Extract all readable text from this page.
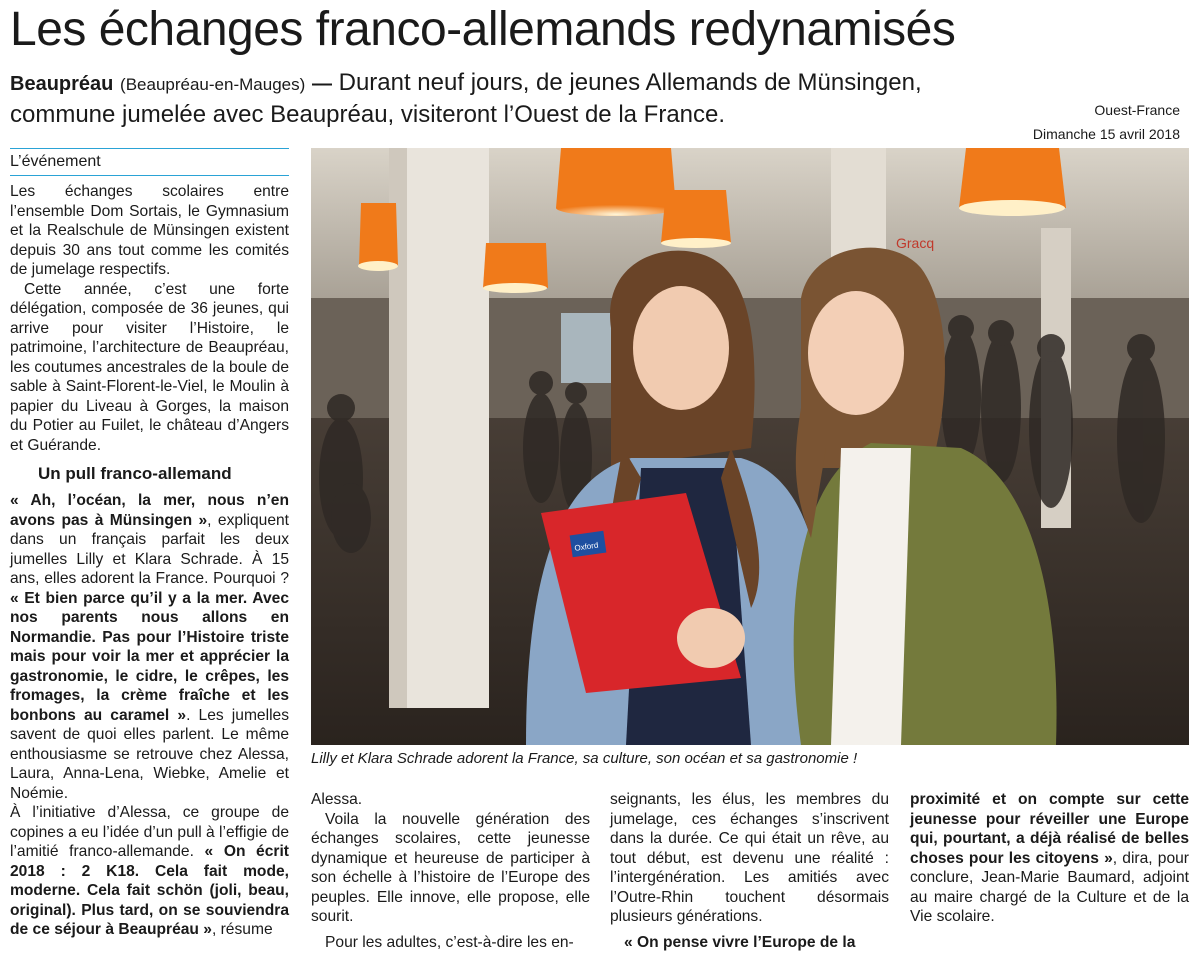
Les échanges franco-allemands redynamisés

Beaupréau (Beaupréau-en-Mauges) — Durant neuf jours, de jeunes Allemands de Münsingen, commune jumelée avec Beaupréau, visiteront l’Ouest de la France.	Ouest-France
Dimanche 15 avril 2018
L’événement

Les échanges scolaires entre l’ensemble Dom Sortais, le Gymnasium et la Realschule de Münsingen existent depuis 30 ans tout comme les comités de jumelage respectifs.

Cette année, c’est une forte délégation, composée de 36 jeunes, qui arrive pour visiter l’Histoire, le patrimoine, l’architecture de Beaupréau, les coutumes ancestrales de la boule de sable à Saint-Florent-le-Viel, le Moulin à papier du Liveau à Gorges, la maison du Potier au Fuilet, le château d’Angers et Guérande.

Un pull franco-allemand

« Ah, l’océan, la mer, nous n’en avons pas à Münsingen », expliquent dans un français parfait les deux jumelles Lilly et Klara Schrade. À 15 ans, elles adorent la France. Pourquoi ? « Et bien parce qu’il y a la mer. Avec nos parents nous allons en Normandie. Pas pour l’Histoire triste mais pour voir la mer et apprécier la gastronomie, le cidre, le crêpes, les fromages, la crème fraîche et les bonbons au caramel ». Les jumelles savent de quoi elles parlent. Le même enthousiasme se retrouve chez Alessa, Laura, Anna-Lena, Wiebke, Amelie et Noémie.

À l’initiative d’Alessa, ce groupe de copines a eu l’idée d’un pull à l’effigie de l’amitié franco-allemande. « On écrit 2018 : 2 K18. Cela fait mode, moderne. Cela fait schön (joli, beau, original). Plus tard, on se souviendra de ce séjour à Beaupréau », résume

Gracq
Oxford
Lilly et Klara Schrade adorent la France, sa culture, son océan et sa gastronomie !

Alessa.

Voila la nouvelle génération des échanges scolaires, cette jeunesse dynamique et heureuse de participer à son échelle à l’histoire de l’Europe des peuples. Elle innove, elle propose, elle sourit.

Pour les adultes, c’est-à-dire les en-

seignants, les élus, les membres du jumelage, ces échanges s’inscrivent dans la durée. Ce qui était un rêve, au tout début, est devenu une réalité : l’intergénération. Les amitiés avec l’Outre-Rhin touchent désormais plusieurs générations.

« On pense vivre l’Europe de la

proximité et on compte sur cette jeunesse pour réveiller une Europe qui, pourtant, a déjà réalisé de belles choses pour les citoyens », dira, pour conclure, Jean-Marie Baumard, adjoint au maire chargé de la Culture et de la Vie scolaire.
